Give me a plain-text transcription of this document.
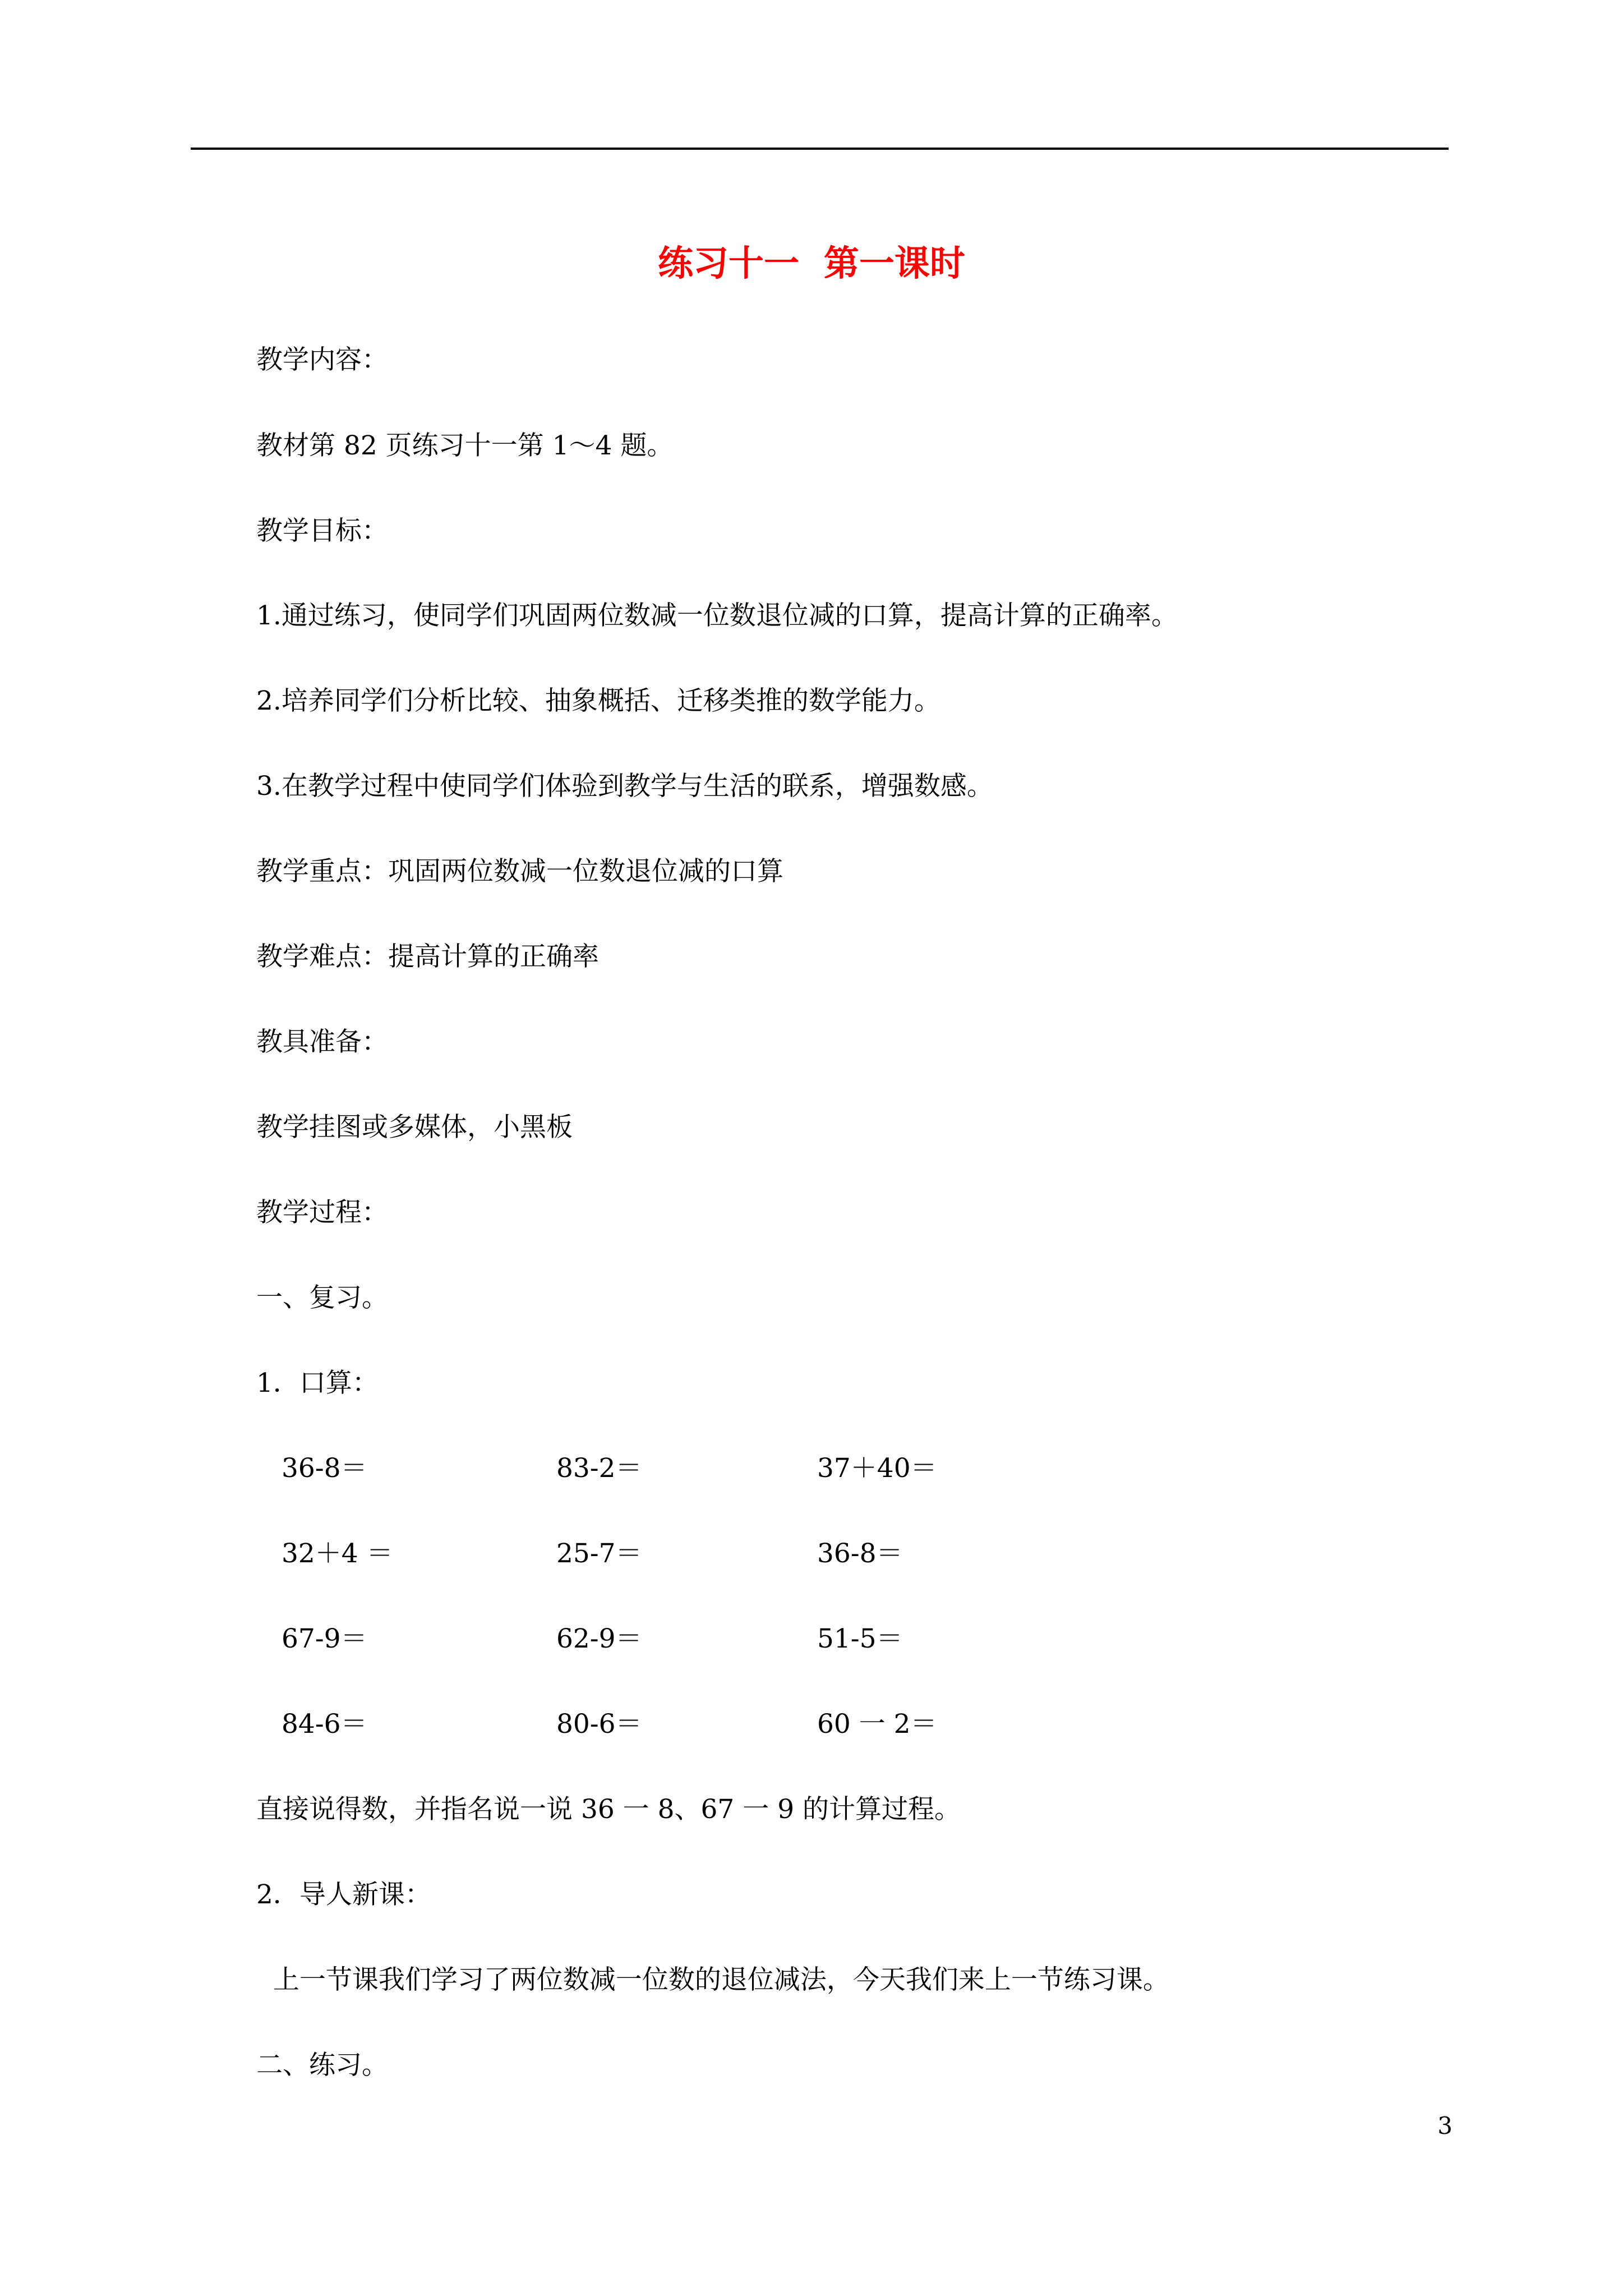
练习十一  第一课时
教学内容：
教材第 82 页练习十一第 1～4 题。
教学目标：
1.通过练习，使同学们巩固两位数减一位数退位减的口算，提高计算的正确率。
2.培养同学们分析比较、抽象概括、迁移类推的数学能力。
3.在教学过程中使同学们体验到教学与生活的联系，增强数感。
教学重点：巩固两位数减一位数退位减的口算
教学难点：提高计算的正确率
教具准备：
教学挂图或多媒体，小黑板
教学过程：
一、复习。
1．口算：
36-8＝	83-2＝	37＋40＝
32＋4 ＝	25-7＝	36-8＝
67-9＝	62-9＝	51-5＝
84-6＝	80-6＝	60 一 2＝
直接说得数，并指名说一说 36 一 8、67 一 9 的计算过程。
2．导人新课：
上一节课我们学习了两位数减一位数的退位减法，今天我们来上一节练习课。
二、练习。
3
